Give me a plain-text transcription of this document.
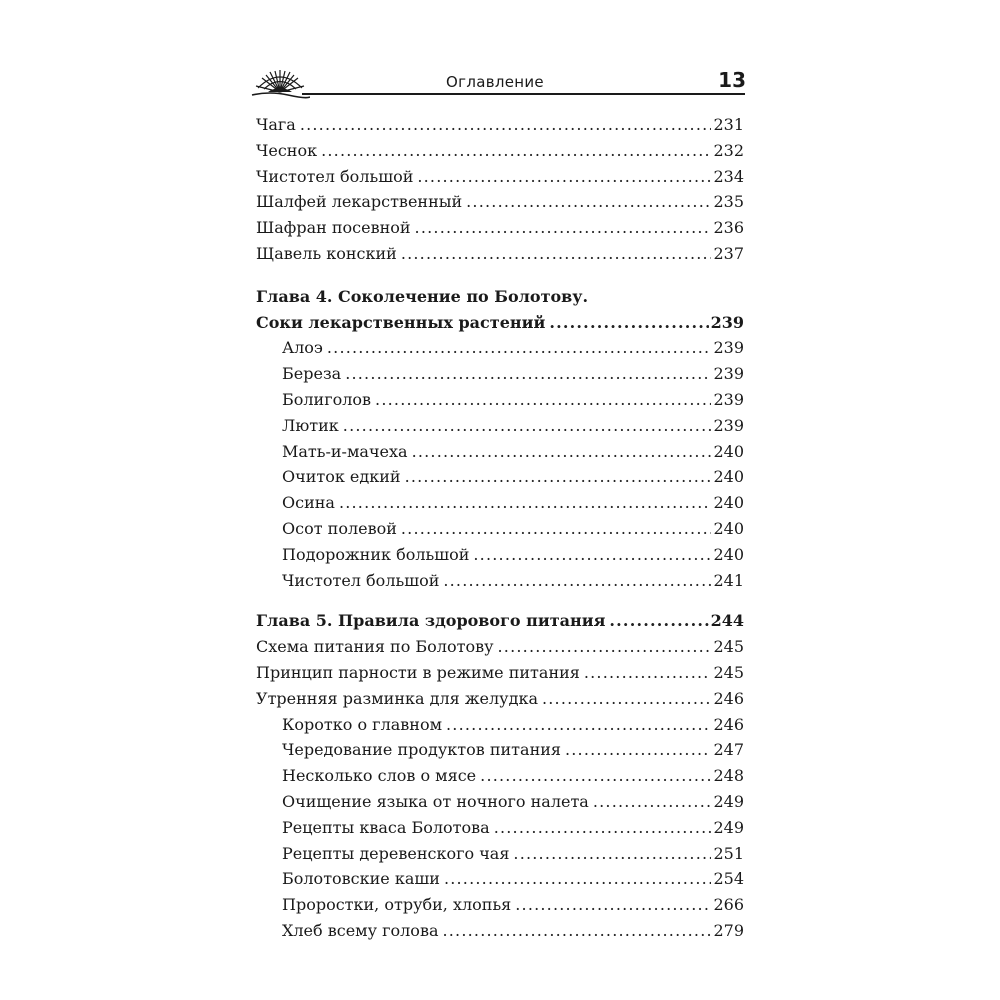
Оглавление	13
Чага .....	231
Чеснок .....	232
Чистотел большой .....	234
Шалфей лекарственный .....	235
Шафран посевной .....	236
Щавель конский .....	237
Глава 4. Соколечение по Болотову.
Соки лекарственных растений .....	239
Алоэ .....	239
Береза .....	239
Болиголов .....	239
Лютик .....	239
Мать-и-мачеха .....	240
Очиток едкий .....	240
Осина .....	240
Осот полевой .....	240
Подорожник большой .....	240
Чистотел большой .....	241
Глава 5. Правила здорового питания .....	244
Схема питания по Болотову .....	245
Принцип парности в режиме питания .....	245
Утренняя разминка для желудка .....	246
Коротко о главном .....	246
Чередование продуктов питания .....	247
Несколько слов о мясе .....	248
Очищение языка от ночного налета .....	249
Рецепты кваса Болотова .....	249
Рецепты деревенского чая .....	251
Болотовские каши .....	254
Проростки, отруби, хлопья .....	266
Хлеб всему голова .....	279
